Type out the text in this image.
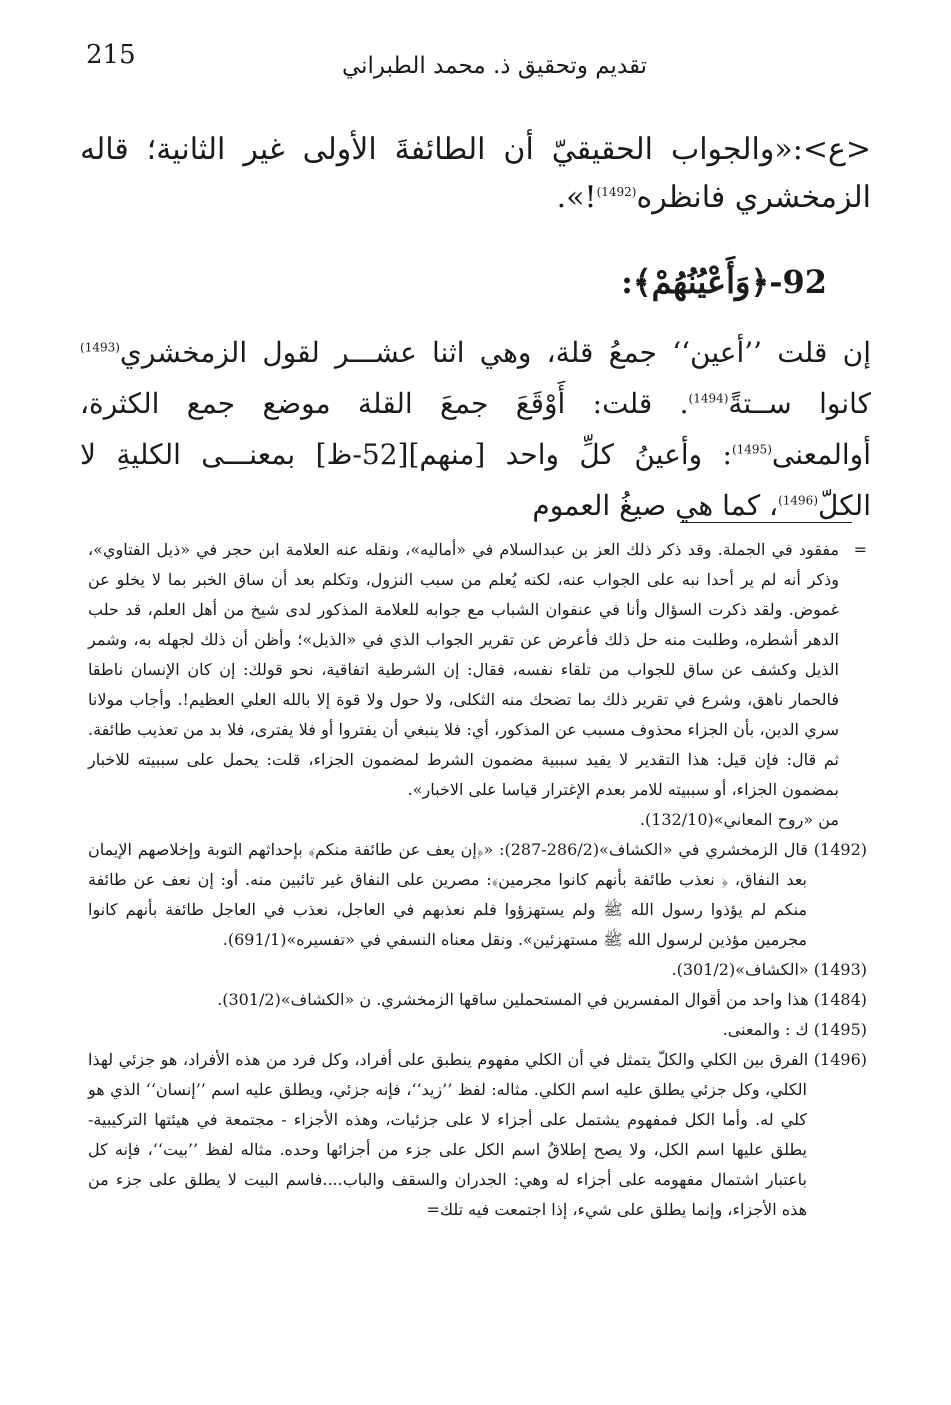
215	تقديم وتحقيق ذ. محمد الطبراني
<ع>:«والجواب الحقيقيّ أن الطائفةَ الأولى غير الثانية؛ قاله الزمخشري فانظره$^{(1492)}$!».
92-﴿وَأَعْيُنُهُمْ﴾:
إن قلت ’’أعين‘‘ جمعُ قلة، وهي اثنا عشـــر لقول الزمخشري$^{(1493)}$ كانوا ســتةً$^{(1494)}$. قلت: أَوْقَعَ جمعَ القلة موضع جمع الكثرة، أوالمعنى$^{(1495)}$: وأعينُ كلِّ واحد [منهم][52-ظ] بمعنـــى الكليةِ لا الكلّ$^{(1496)}$، كما هي صيغُ العموم

=
مفقود في الجملة. وقد ذكر ذلك العز بن عبدالسلام في «أماليه»، ونقله عنه العلامة ابن حجر في «ذيل الفتاوي»، وذكر أنه لم ير أحدا نبه على الجواب عنه، لكنه يُعلم من سبب النزول، وتكلم بعد أن ساق الخبر بما لا يخلو عن غموض. ولقد ذكرت السؤال وأنا في عنفوان الشباب مع جوابه للعلامة المذكور لدى شيخ من أهل العلم، قد حلب الدهر أشطره، وطلبت منه حل ذلك فأعرض عن تقرير الجواب الذي في «الذيل»؛ وأظن أن ذلك لجهله به، وشمر الذيل وكشف عن ساق للجواب من تلقاء نفسه، فقال: إن الشرطية اتفاقية، نحو قولك: إن كان الإنسان ناطقا فالحمار ناهق، وشرع في تقرير ذلك بما تضحك منه الثكلى، ولا حول ولا قوة إلا بالله العلي العظيم!. وأجاب مولانا سري الدين، بأن الجزاء محذوف مسبب عن المذكور، أي: فلا ينبغي أن يفتروا أو فلا يفترى، فلا بد من تعذيب طائفة. ثم قال: فإن قيل: هذا التقدير لا يفيد سببية مضمون الشرط لمضمون الجزاء، قلت: يحمل على سببيته للاخبار بمضمون الجزاء، أو سببيته للامر بعدم الإغترار قياسا على الاخبار».

من «روح المعاني»(132/10).

(1492) قال الزمخشري في «الكشاف»(286/2-287): «﴿إن يعف عن طائفة منكم﴾ بإحداثهم التوبة وإخلاصهم الإيمان بعد النفاق، ﴿ نعذب طائفة بأنهم كانوا مجرمين﴾: مصرين على النفاق غير تائبين منه. أو: إن نعف عن طائفة منكم لم يؤذوا رسول الله ﷺ ولم يستهزؤوا فلم نعذبهم في العاجل، نعذب في العاجل طائفة بأنهم كانوا مجرمين مؤذين لرسول الله ﷺ مستهزئين». ونقل معناه النسفي في «تفسيره»(691/1).

(1493) «الكشاف»(301/2).

(1484) هذا واحد من أقوال المفسرين في المستحملين ساقها الزمخشري. ن «الكشاف»(301/2).

(1495) ك : والمعنى.

(1496) الفرق بين الكلي والكلّ يتمثل في أن الكلي مفهوم ينطبق على أفراد، وكل فرد من هذه الأفراد، هو جزئي لهذا الكلي، وكل جزئي يطلق عليه اسم الكلي. مثاله: لفظ ’’زيد‘‘، فإنه جزئي، ويطلق عليه اسم ’’إنسان‘‘ الذي هو كلي له. وأما الكل فمفهوم يشتمل على أجزاء لا على جزئيات، وهذه الأجزاء - مجتمعة في هيئتها التركيبية- يطلق عليها اسم الكل، ولا يصح إطلاقُ اسم الكل على جزء من أجزائها وحده. مثاله لفظ ’’بيت‘‘، فإنه كل باعتبار اشتمال مفهومه على أجزاء له وهي: الجدران والسقف والباب....فاسم البيت لا يطلق على جزء من هذه الأجزاء، وإنما يطلق على شيء، إذا اجتمعت فيه تلك=
